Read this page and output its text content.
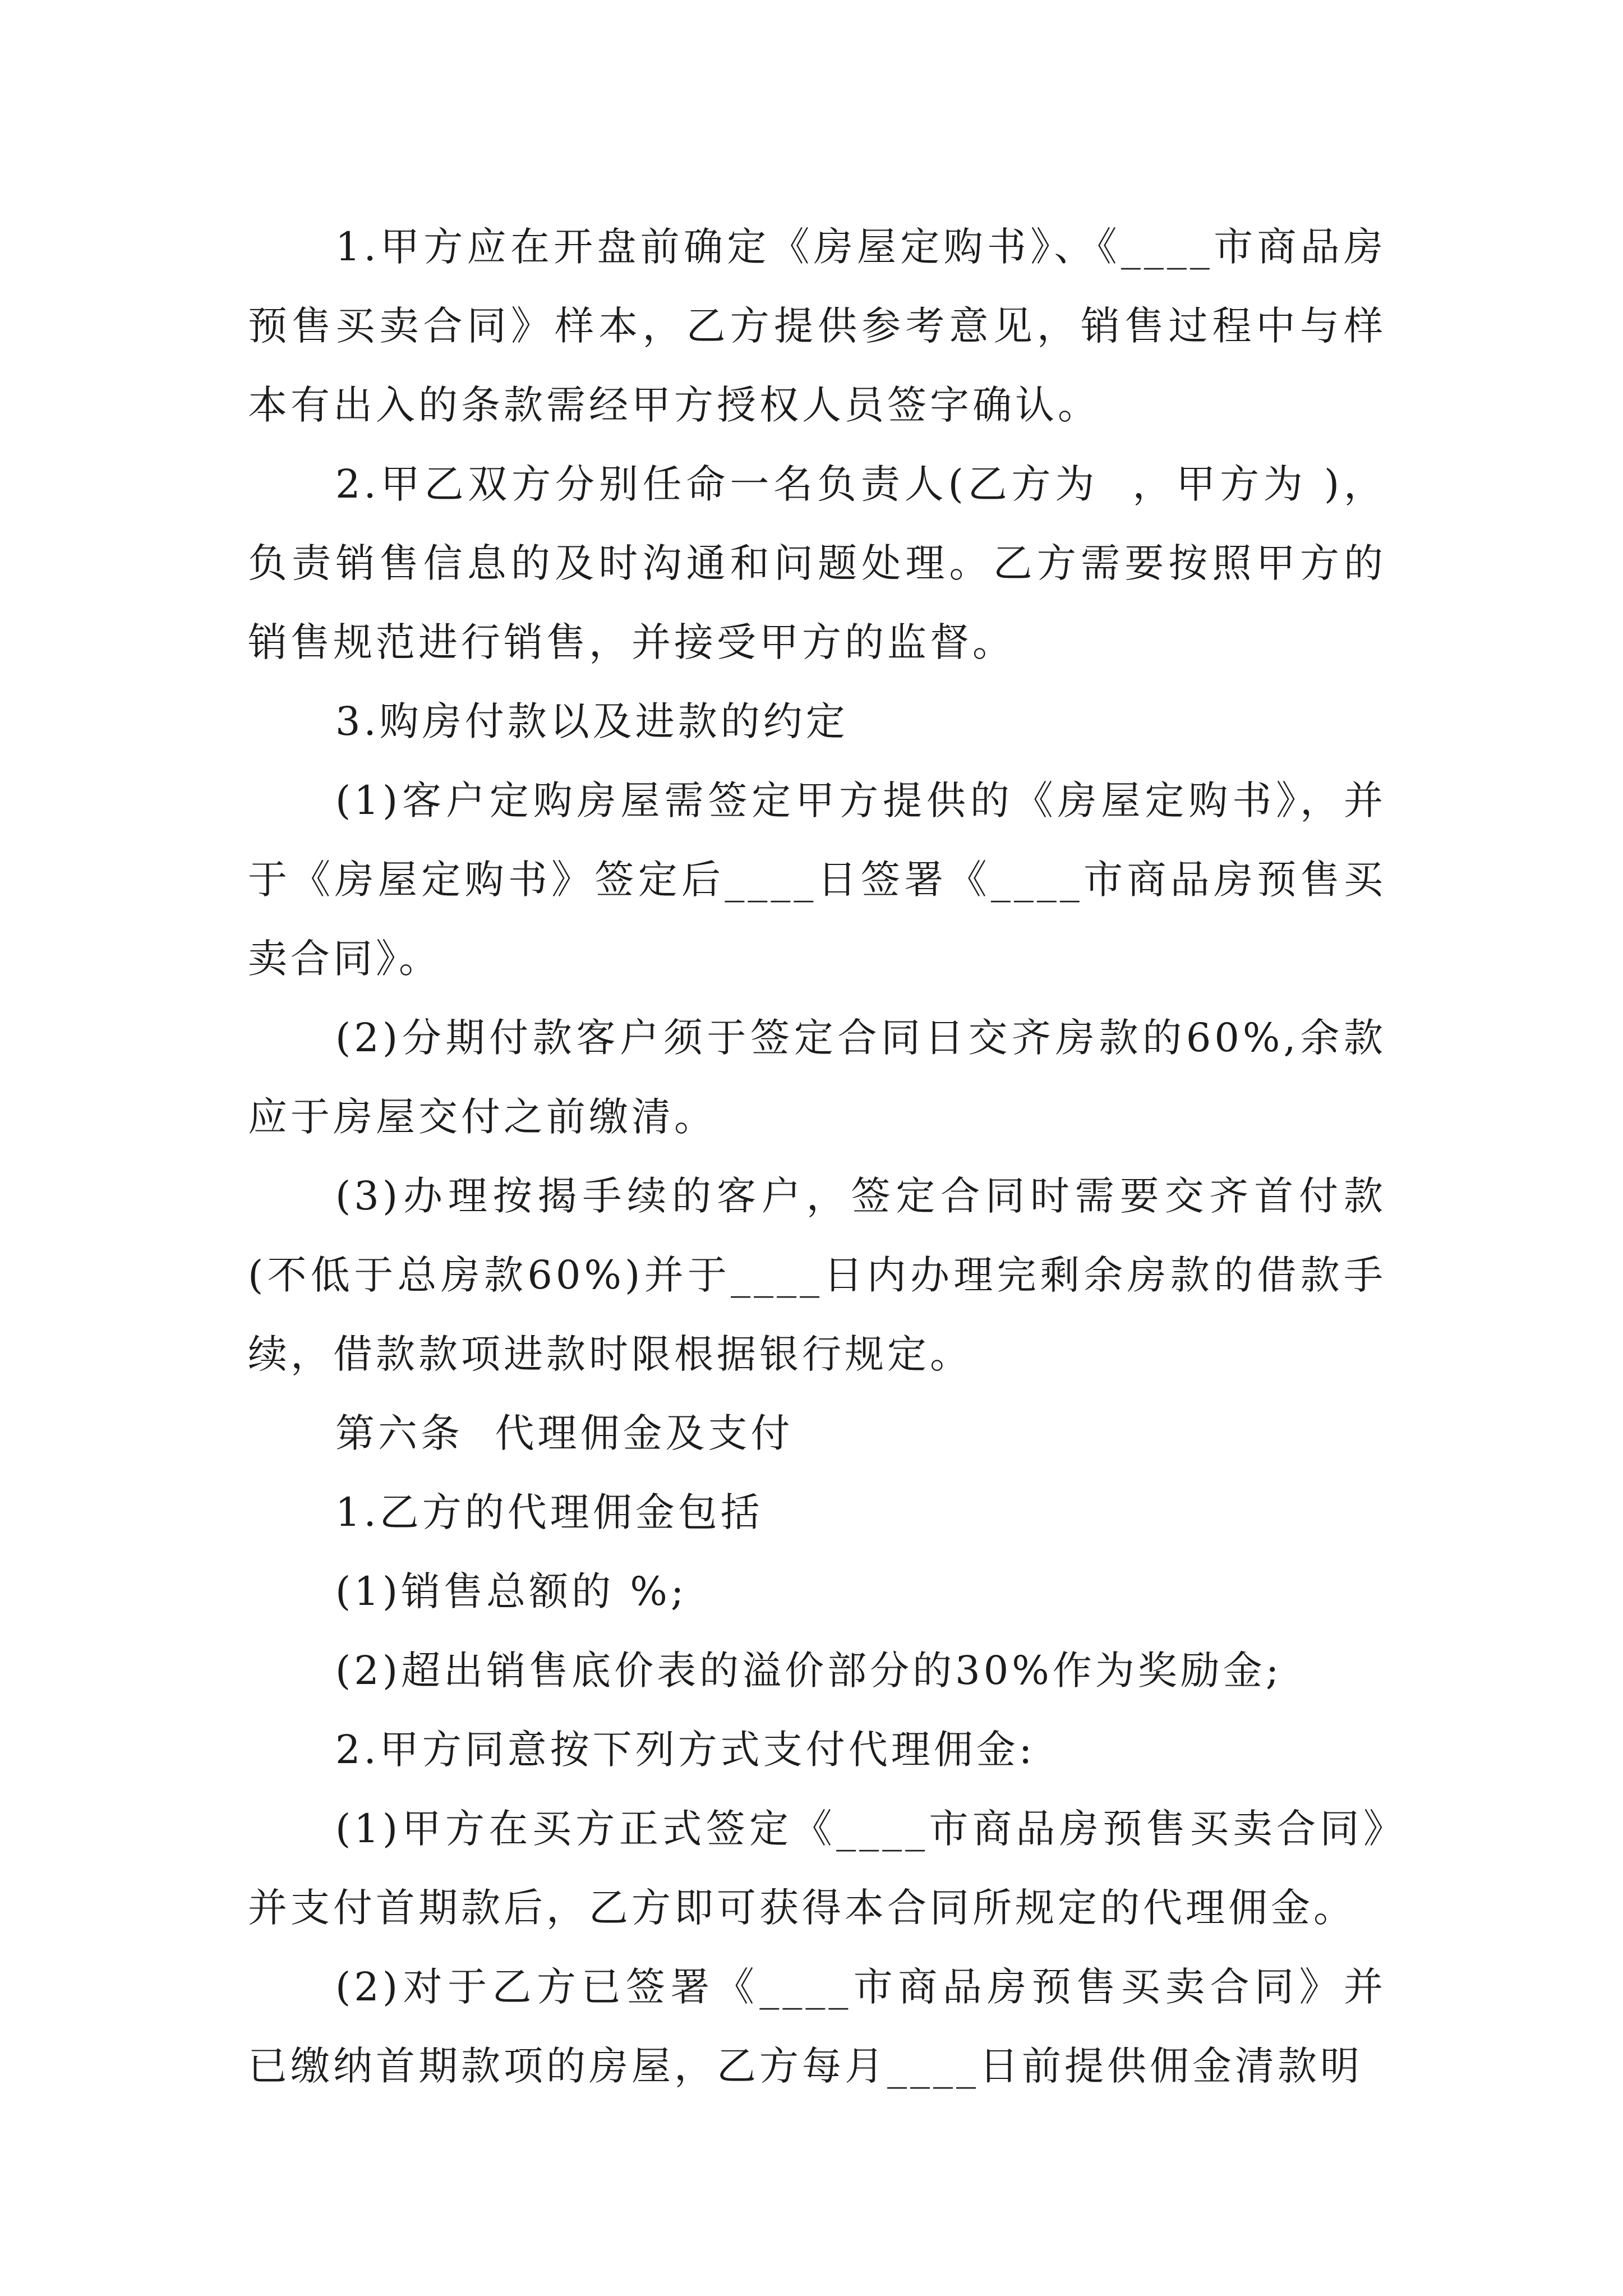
1.甲方应在开盘前确定《房屋定购书》、《____市商品房预售买卖合同》样本，乙方提供参考意见，销售过程中与样本有出入的条款需经甲方授权人员签字确认。

2.甲乙双方分别任命一名负责人(乙方为  ，甲方为 )，负责销售信息的及时沟通和问题处理。乙方需要按照甲方的销售规范进行销售，并接受甲方的监督。

3.购房付款以及进款的约定

(1)客户定购房屋需签定甲方提供的《房屋定购书》，并于《房屋定购书》签定后____日签署《____市商品房预售买卖合同》。

(2)分期付款客户须于签定合同日交齐房款的60%,余款应于房屋交付之前缴清。

(3)办理按揭手续的客户，签定合同时需要交齐首付款(不低于总房款60%)并于____日内办理完剩余房款的借款手续，借款款项进款时限根据银行规定。

第六条  代理佣金及支付

1.乙方的代理佣金包括

(1)销售总额的 %;

(2)超出销售底价表的溢价部分的30%作为奖励金;

2.甲方同意按下列方式支付代理佣金:

(1)甲方在买方正式签定《____市商品房预售买卖合同》并支付首期款后，乙方即可获得本合同所规定的代理佣金。

(2)对于乙方已签署《____市商品房预售买卖合同》并已缴纳首期款项的房屋，乙方每月____日前提供佣金清款明
